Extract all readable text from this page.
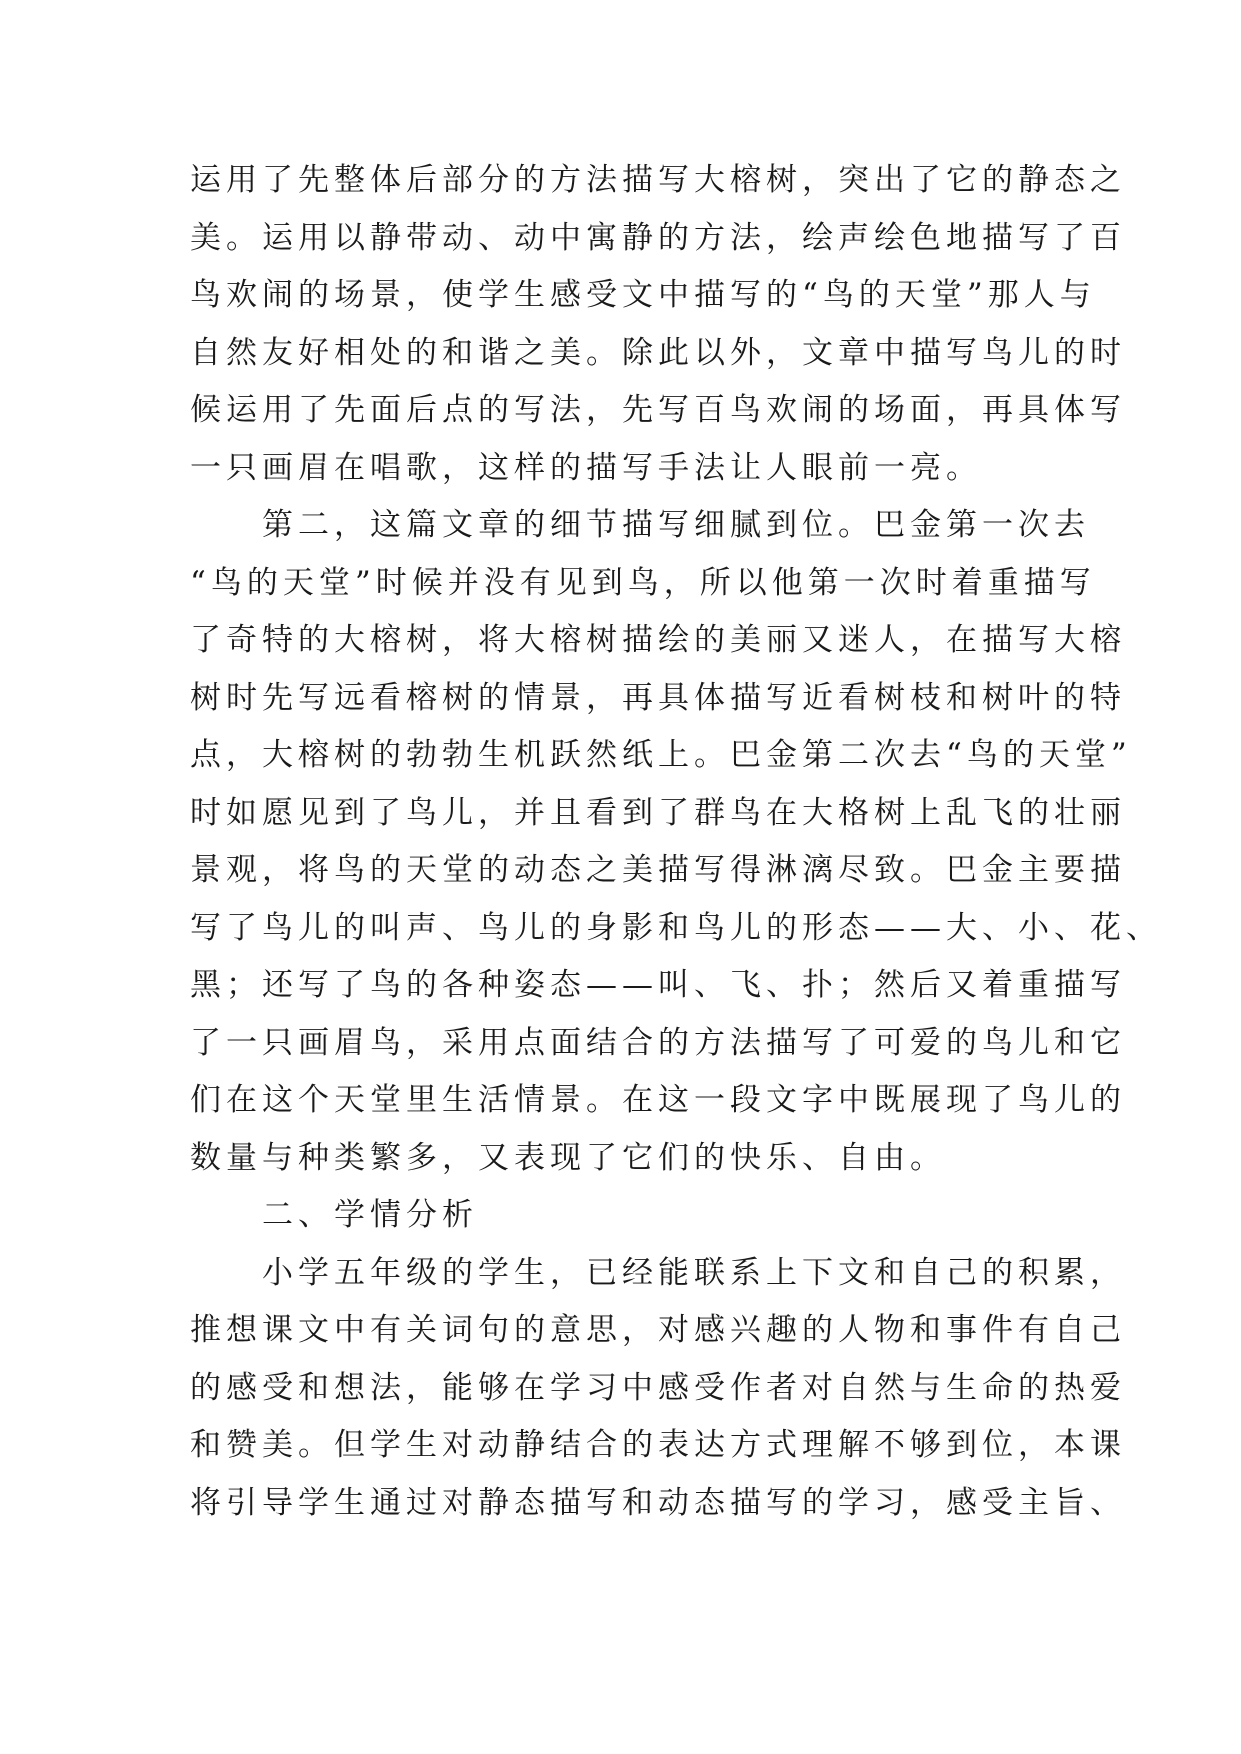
运用了先整体后部分的方法描写大榕树，突出了它的静态之
美。运用以静带动、动中寓静的方法，绘声绘色地描写了百
鸟欢闹的场景，使学生感受文中描写的“鸟的天堂”那人与
自然友好相处的和谐之美。除此以外，文章中描写鸟儿的时
候运用了先面后点的写法，先写百鸟欢闹的场面，再具体写
一只画眉在唱歌，这样的描写手法让人眼前一亮。
第二，这篇文章的细节描写细腻到位。巴金第一次去
“鸟的天堂”时候并没有见到鸟，所以他第一次时着重描写
了奇特的大榕树，将大榕树描绘的美丽又迷人，在描写大榕
树时先写远看榕树的情景，再具体描写近看树枝和树叶的特
点，大榕树的勃勃生机跃然纸上。巴金第二次去“鸟的天堂”
时如愿见到了鸟儿，并且看到了群鸟在大格树上乱飞的壮丽
景观，将鸟的天堂的动态之美描写得淋漓尽致。巴金主要描
写了鸟儿的叫声、鸟儿的身影和鸟儿的形态——大、小、花、
黑；还写了鸟的各种姿态——叫、飞、扑；然后又着重描写
了一只画眉鸟，采用点面结合的方法描写了可爱的鸟儿和它
们在这个天堂里生活情景。在这一段文字中既展现了鸟儿的
数量与种类繁多，又表现了它们的快乐、自由。
二、学情分析
小学五年级的学生，已经能联系上下文和自己的积累，
推想课文中有关词句的意思，对感兴趣的人物和事件有自己
的感受和想法，能够在学习中感受作者对自然与生命的热爱
和赞美。但学生对动静结合的表达方式理解不够到位，本课
将引导学生通过对静态描写和动态描写的学习，感受主旨、
